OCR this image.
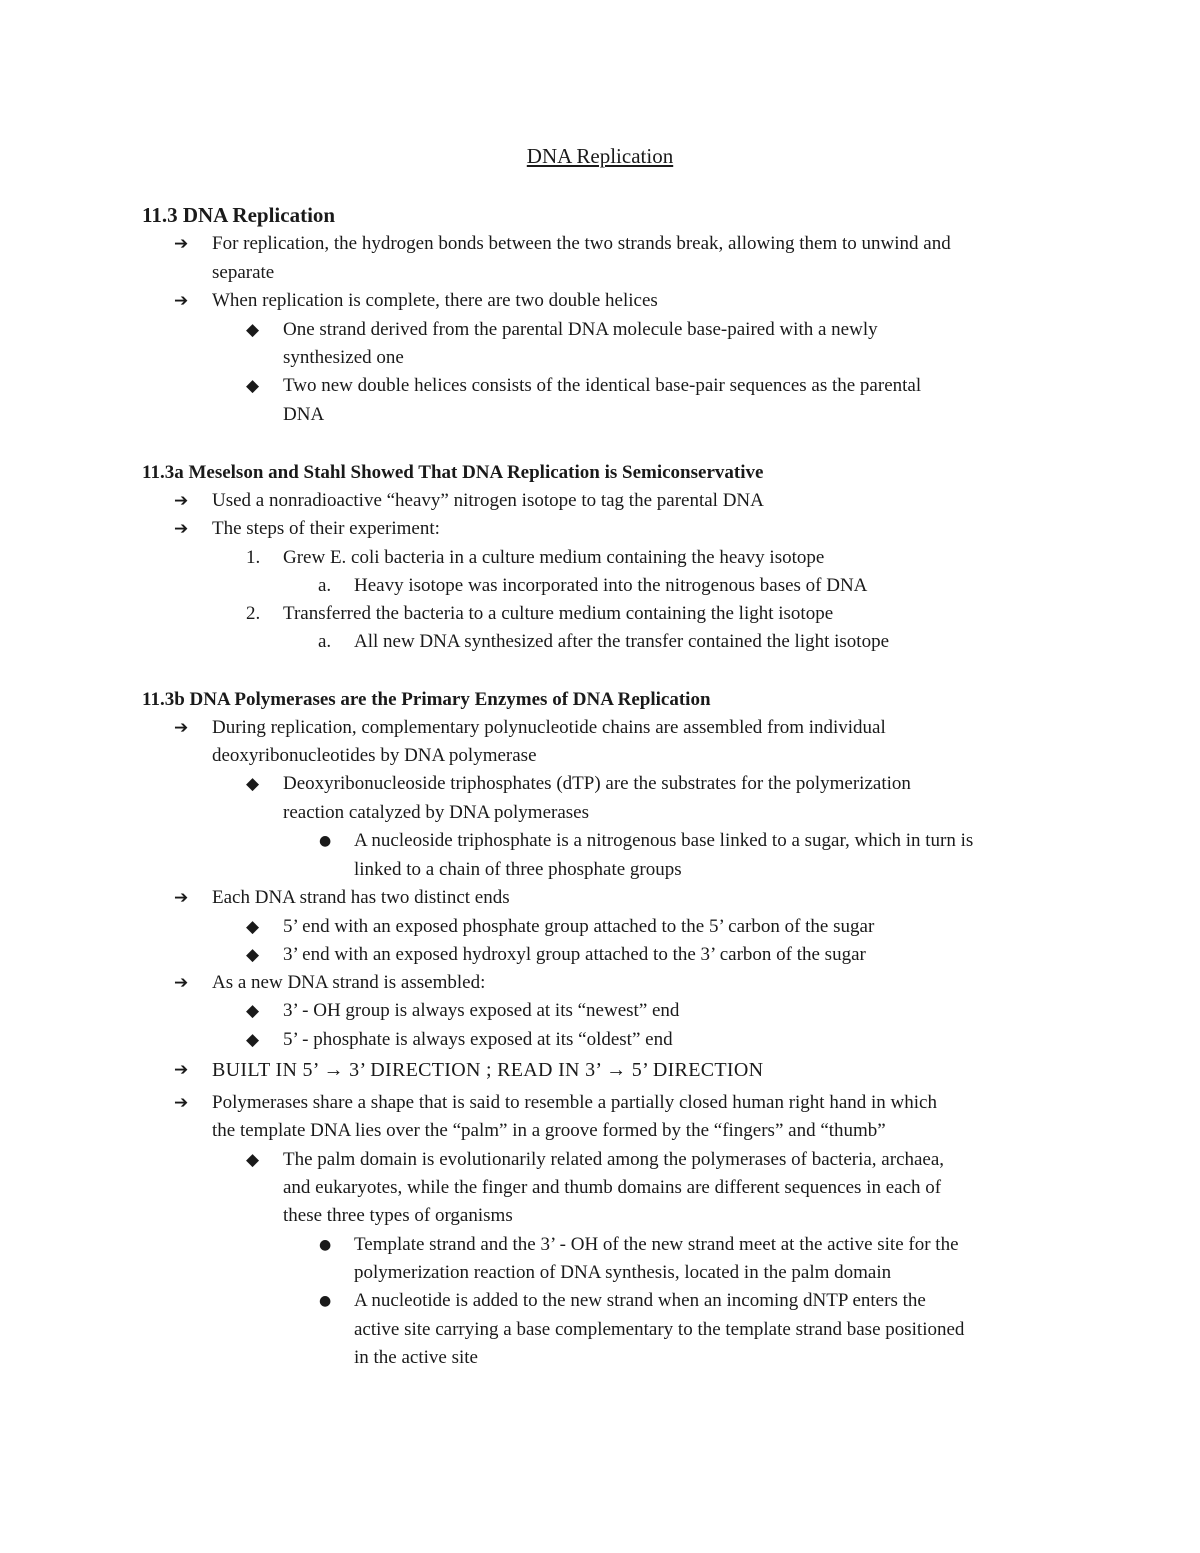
DNA Replication
11.3 DNA Replication
➔ For replication, the hydrogen bonds between the two strands break, allowing them to unwind and
separate
➔ When replication is complete, there are two double helices
◆ One strand derived from the parental DNA molecule base-paired with a newly
synthesized one
◆ Two new double helices consists of the identical base-pair sequences as the parental
DNA
11.3a Meselson and Stahl Showed That DNA Replication is Semiconservative
➔ Used a nonradioactive “heavy” nitrogen isotope to tag the parental DNA
➔ The steps of their experiment:
1. Grew E. coli bacteria in a culture medium containing the heavy isotope
a. Heavy isotope was incorporated into the nitrogenous bases of DNA
2. Transferred the bacteria to a culture medium containing the light isotope
a. All new DNA synthesized after the transfer contained the light isotope
11.3b DNA Polymerases are the Primary Enzymes of DNA Replication
➔ During replication, complementary polynucleotide chains are assembled from individual
deoxyribonucleotides by DNA polymerase
◆ Deoxyribonucleoside triphosphates (dTP) are the substrates for the polymerization
reaction catalyzed by DNA polymerases
● A nucleoside triphosphate is a nitrogenous base linked to a sugar, which in turn is
linked to a chain of three phosphate groups
➔ Each DNA strand has two distinct ends
◆ 5’ end with an exposed phosphate group attached to the 5’ carbon of the sugar
◆ 3’ end with an exposed hydroxyl group attached to the 3’ carbon of the sugar
➔ As a new DNA strand is assembled:
◆ 3’ - OH group is always exposed at its “newest” end
◆ 5’ - phosphate is always exposed at its “oldest” end
➔ BUILT IN 5’ → 3’ DIRECTION ; READ IN 3’ → 5’ DIRECTION
➔ Polymerases share a shape that is said to resemble a partially closed human right hand in which
the template DNA lies over the “palm” in a groove formed by the “fingers” and “thumb”
◆ The palm domain is evolutionarily related among the polymerases of bacteria, archaea,
and eukaryotes, while the finger and thumb domains are different sequences in each of
these three types of organisms
● Template strand and the 3’ - OH of the new strand meet at the active site for the
polymerization reaction of DNA synthesis, located in the palm domain
● A nucleotide is added to the new strand when an incoming dNTP enters the
active site carrying a base complementary to the template strand base positioned
in the active site
